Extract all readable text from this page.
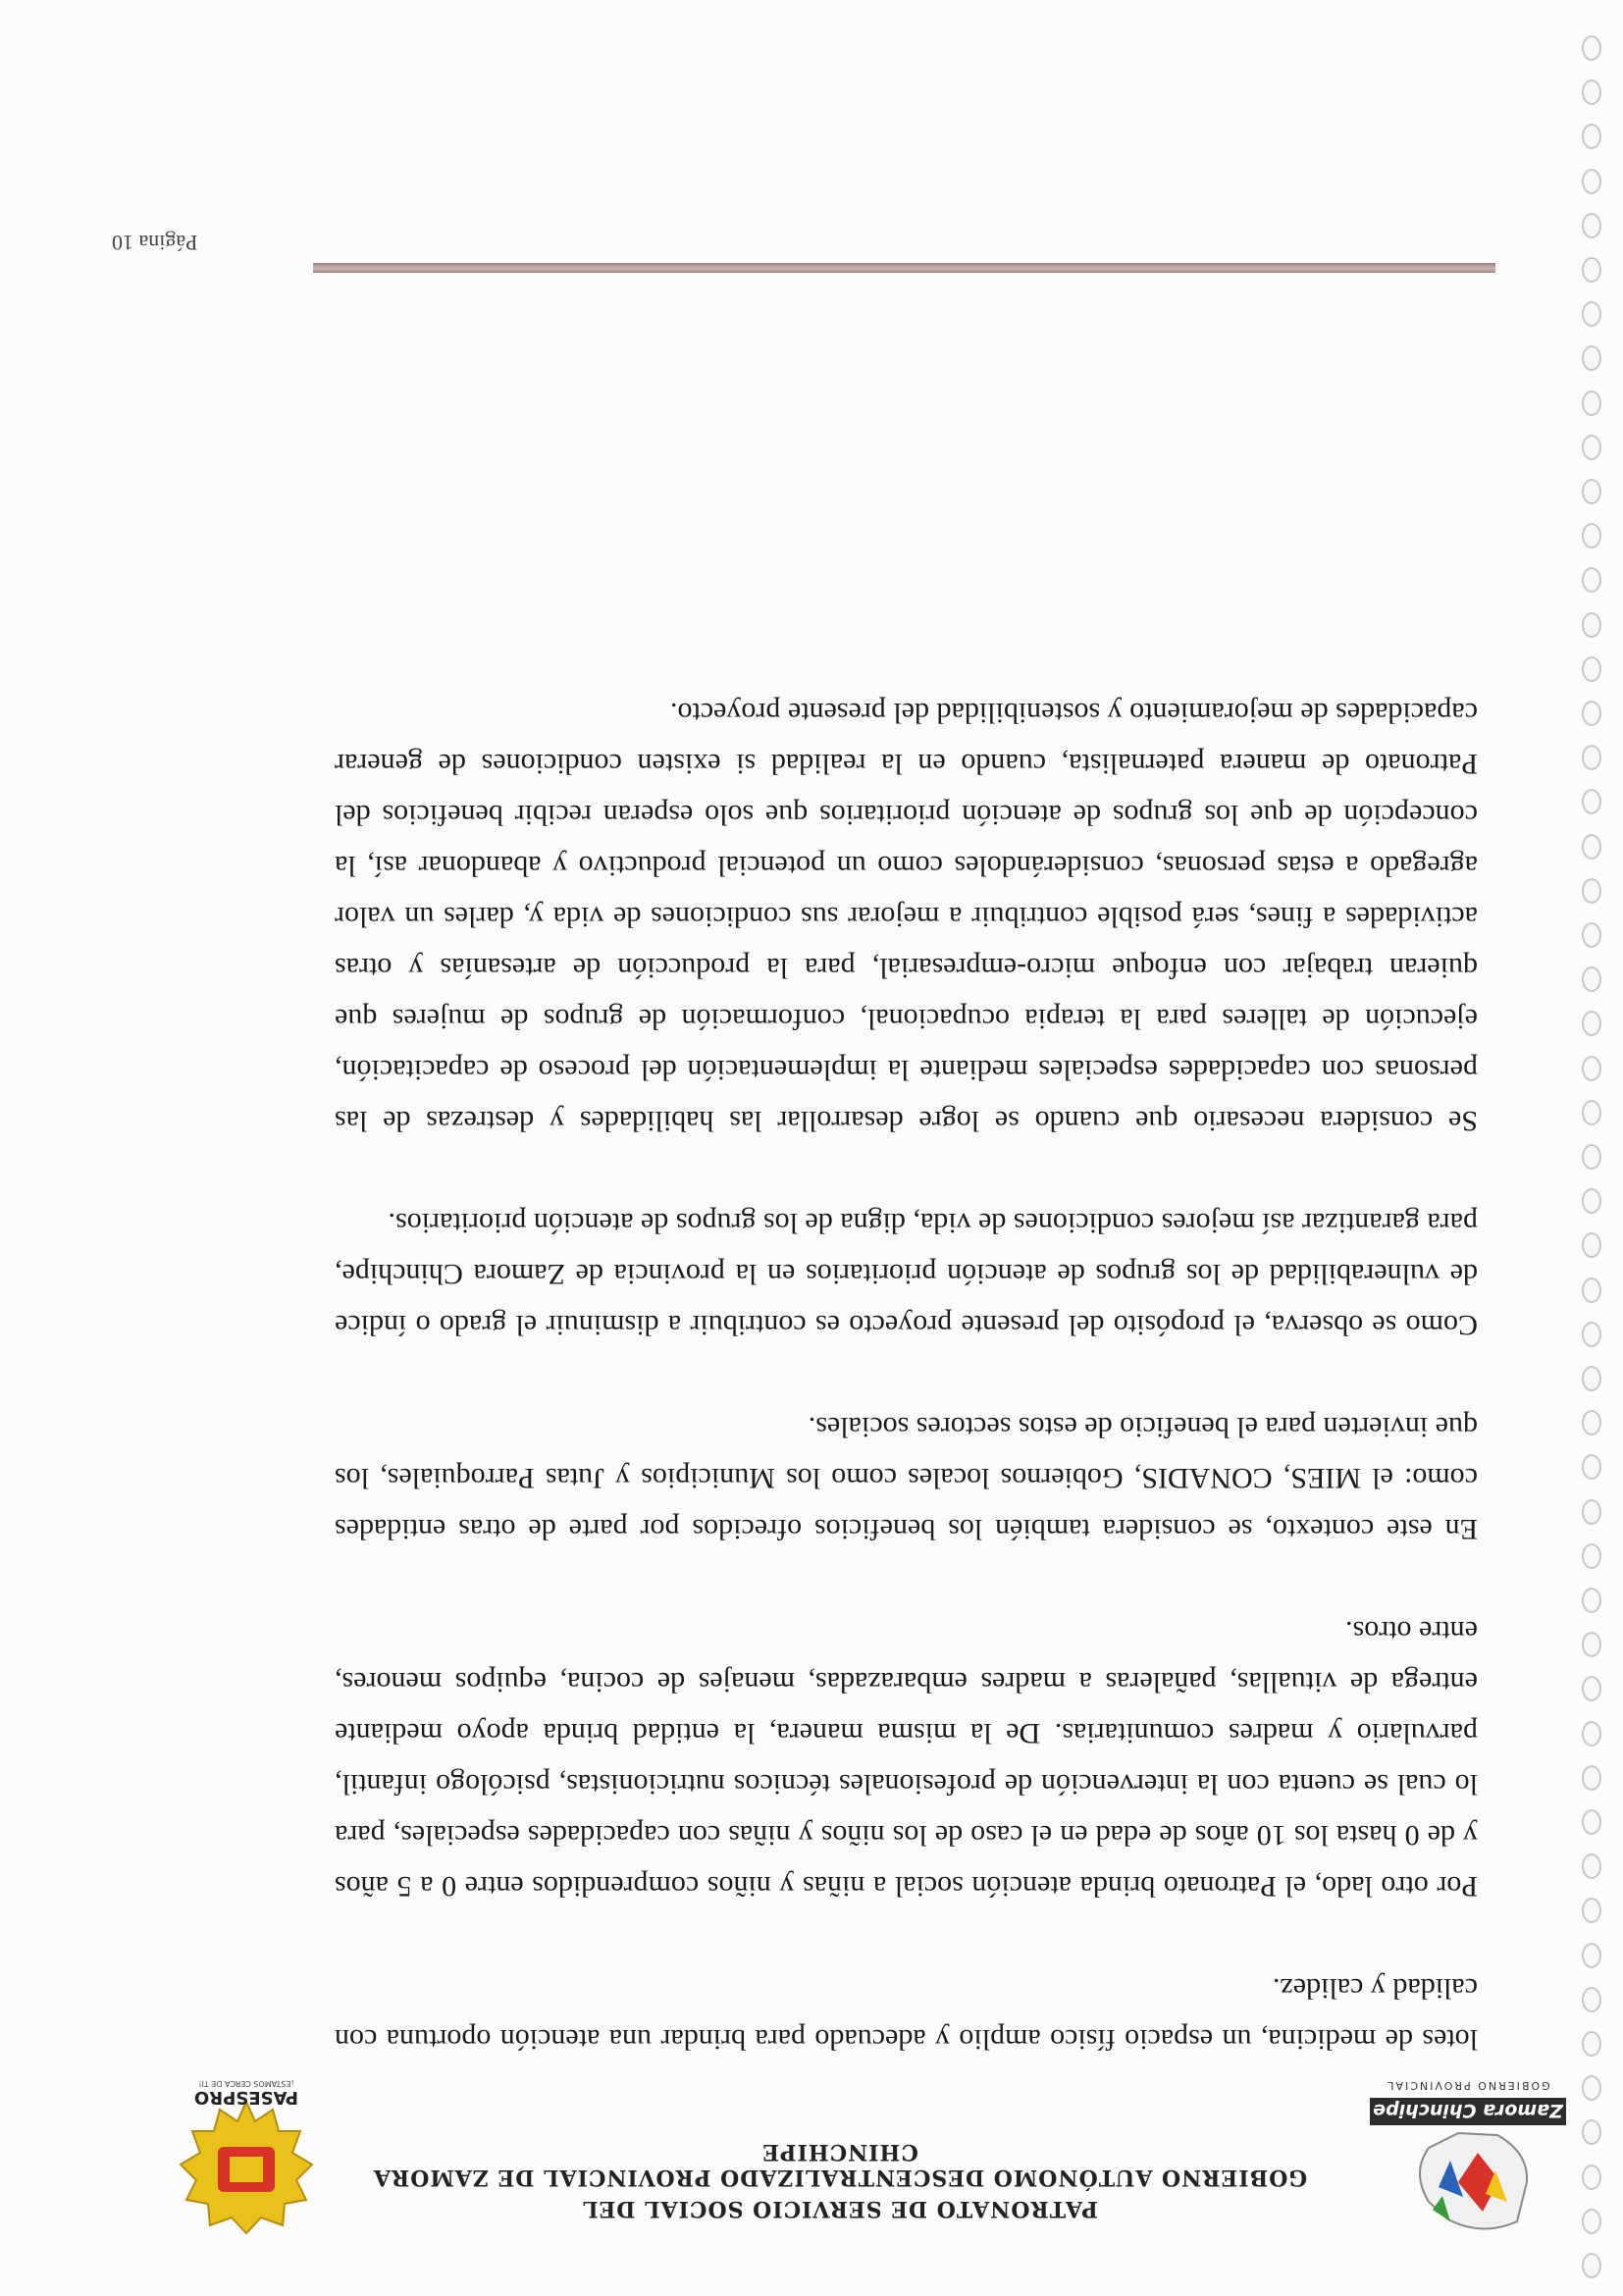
Zamora Chinchipe
GOBIERNO PROVINCIAL
PATRONATO DE SERVICIO SOCIAL DEL
GOBIERNO AUTÓNOMO DESCENTRALIZADO PROVINCIAL DE ZAMORA CHINCHIPE
PASESPRO
¡ESTAMOS CERCA DE TI!

lotes de medicina, un espacio físico amplio y adecuado para brindar una atención oportuna con calidad y calidez.

Por otro lado, el Patronato brinda atención social a niñas y niños comprendidos entre 0 a 5 años y de 0 hasta los 10 años de edad en el caso de los niños y niñas con capacidades especiales, para lo cual se cuenta con la intervención de profesionales técnicos nutricionistas, psicólogo infantil, parvulario y madres comunitarias. De la misma manera, la entidad brinda apoyo mediante entrega de vituallas, pañaleras a madres embarazadas, menajes de cocina, equipos menores, entre otros.

En este contexto, se considera también los beneficios ofrecidos por parte de otras entidades como: el MIES, CONADIS, Gobiernos locales como los Municipios y Jutas Parroquiales, los que invierten para el beneficio de estos sectores sociales.

Como se observa, el propósito del presente proyecto es contribuir a disminuir el grado o índice de vulnerabilidad de los grupos de atención prioritarios en la provincia de Zamora Chinchipe, para garantizar así mejores condiciones de vida, digna de los grupos de atención prioritarios.

Se considera necesario que cuando se logre desarrollar las habilidades y destrezas de las personas con capacidades especiales mediante la implementación del proceso de capacitación, ejecución de talleres para la terapia ocupacional, conformación de grupos de mujeres que quieran trabajar con enfoque micro-empresarial, para la producción de artesanías y otras actividades a fines, será posible contribuir a mejorar sus condiciones de vida y, darles un valor agregado a estas personas, considerándoles como un potencial productivo y abandonar así, la concepción de que los grupos de atención prioritarios que solo esperan recibir beneficios del Patronato de manera paternalista, cuando en la realidad si existen condiciones de generar capacidades de mejoramiento y sostenibilidad del presente proyecto.

Página 10
